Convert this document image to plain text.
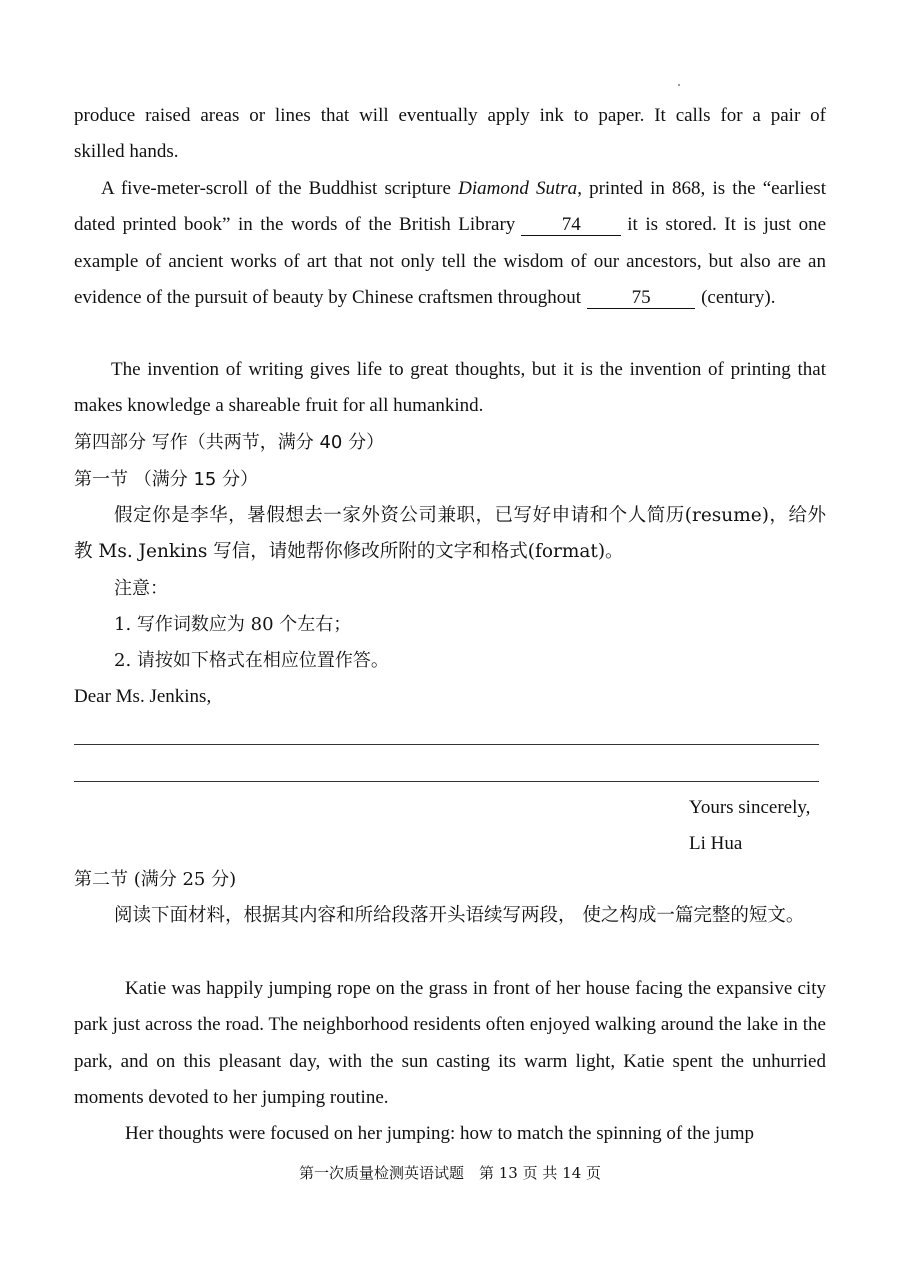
produce raised areas or lines that will eventually apply ink to paper. It calls for a pair of
skilled hands.
A five-meter-scroll of the Buddhist scripture Diamond Sutra, printed in 868, is the “earliest dated printed book” in the words of the British Library 74 it is stored. It is just one example of ancient works of art that not only tell the wisdom of our ancestors, but also are an evidence of the pursuit of beauty by Chinese craftsmen throughout	75	(century).
The invention of writing gives life to great thoughts, but it is the invention of printing that makes knowledge a shareable fruit for all humankind.
第四部分 写作（共两节，满分 40 分）
第一节 （满分 15 分）
假定你是李华，暑假想去一家外资公司兼职，已写好申请和个人简历(resume)，给外教 Ms. Jenkins 写信，请她帮你修改所附的文字和格式(format)。
注意：
1. 写作词数应为 80 个左右；
2. 请按如下格式在相应位置作答。
Dear Ms. Jenkins,
Yours sincerely,
Li Hua
第二节 (满分 25 分)
阅读下面材料，根据其内容和所给段落开头语续写两段， 使之构成一篇完整的短文。
Katie was happily jumping rope on the grass in front of her house facing the expansive city park just across the road. The neighborhood residents often enjoyed walking around the lake in the park, and on this pleasant day, with the sun casting its warm light, Katie spent the unhurried moments devoted to her jumping routine.
Her thoughts were focused on her jumping: how to match the spinning of the jump
第一次质量检测英语试题　第 13 页 共 14 页
